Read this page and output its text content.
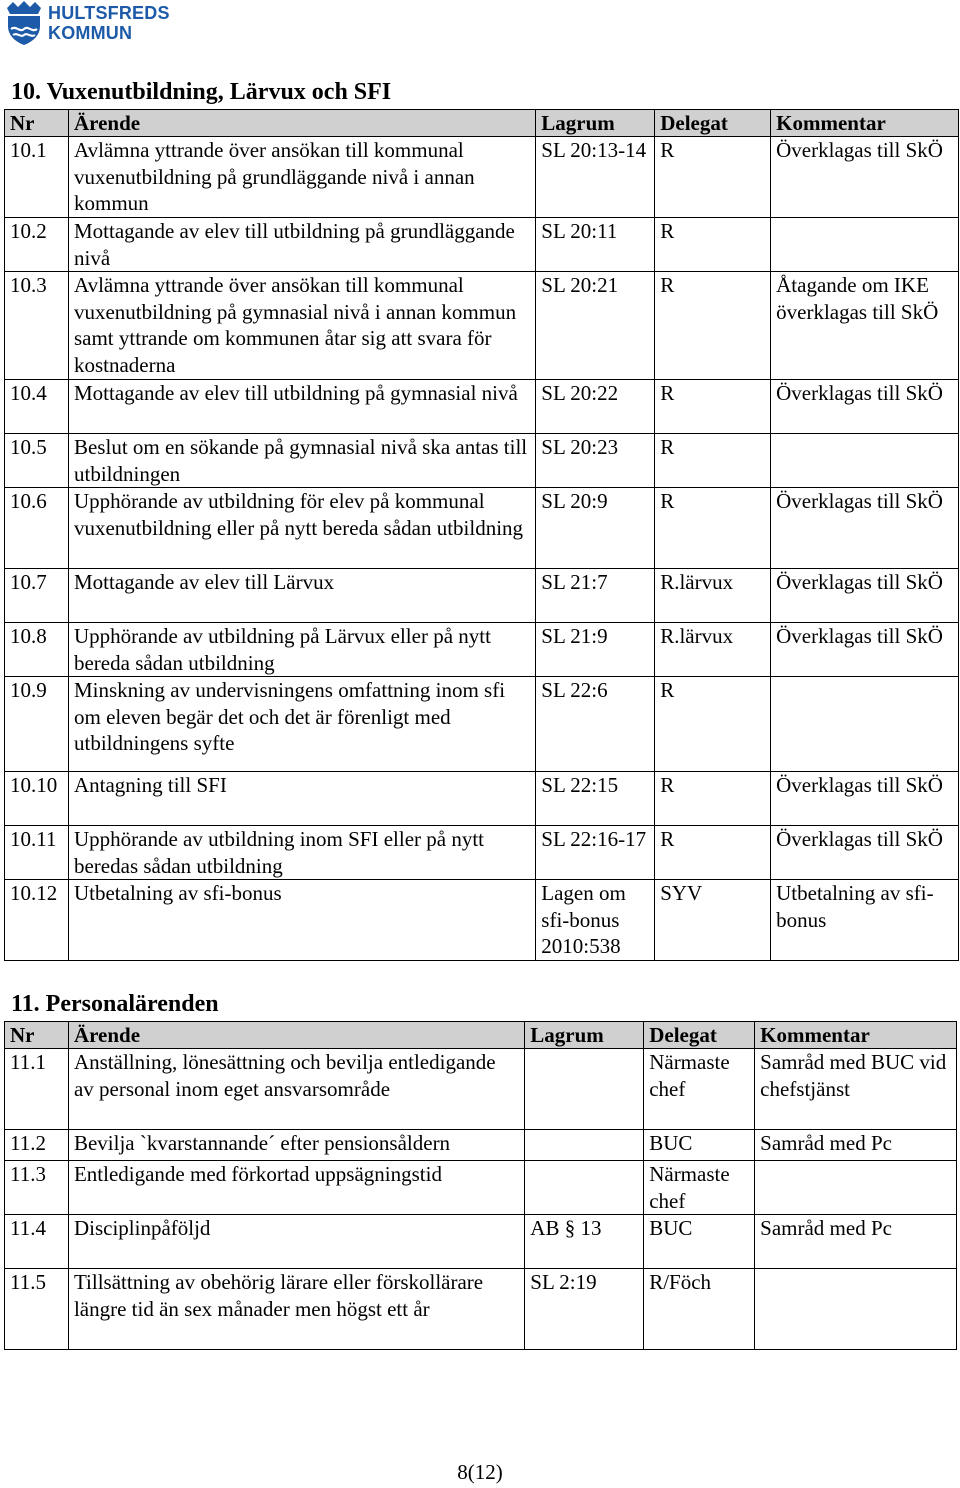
HULTSFREDS
KOMMUN
10. Vuxenutbildning, Lärvux och SFI
Nr	Ärende	Lagrum	Delegat	Kommentar
10.1	Avlämna yttrande över ansökan till kommunal vuxenutbildning på grundläggande nivå i annan kommun	SL 20:13-14	R	Överklagas till SkÖ
10.2	Mottagande av elev till utbildning på grundläggande nivå	SL 20:11	R	
10.3	Avlämna yttrande över ansökan till kommunal vuxenutbildning på gymnasial nivå i annan kommun samt yttrande om kommunen åtar sig att svara för kostnaderna	SL 20:21	R	Åtagande om IKE överklagas till SkÖ
10.4	Mottagande av elev till utbildning på gymnasial nivå	SL 20:22	R	Överklagas till SkÖ
10.5	Beslut om en sökande på gymnasial nivå ska antas till utbildningen	SL 20:23	R	
10.6	Upphörande av utbildning för elev på kommunal vuxenutbildning eller på nytt bereda sådan utbildning	SL 20:9	R	Överklagas till SkÖ
10.7	Mottagande av elev till Lärvux	SL 21:7	R.lärvux	Överklagas till SkÖ
10.8	Upphörande av utbildning på Lärvux eller på nytt bereda sådan utbildning	SL 21:9	R.lärvux	Överklagas till SkÖ
10.9	Minskning av undervisningens omfattning inom sfi om eleven begär det och det är förenligt med utbildningens syfte	SL 22:6	R	
10.10	Antagning till SFI	SL 22:15	R	Överklagas till SkÖ
10.11	Upphörande av utbildning inom SFI eller på nytt beredas sådan utbildning	SL 22:16-17	R	Överklagas till SkÖ
10.12	Utbetalning av sfi-bonus	Lagen om sfi-bonus 2010:538	SYV	Utbetalning av sfi-bonus
11. Personalärenden
Nr	Ärende	Lagrum	Delegat	Kommentar
11.1	Anställning, lönesättning och bevilja entledigande av personal inom eget ansvarsområde		Närmaste chef	Samråd med BUC vid chefstjänst
11.2	Bevilja `kvarstannande´ efter pensionsåldern		BUC	Samråd med Pc
11.3	Entledigande med förkortad uppsägningstid		Närmaste chef	
11.4	Disciplinpåföljd	AB § 13	BUC	Samråd med Pc
11.5	Tillsättning av obehörig lärare eller förskollärare längre tid än sex månader men högst ett år	SL 2:19	R/Föch	
8(12)
